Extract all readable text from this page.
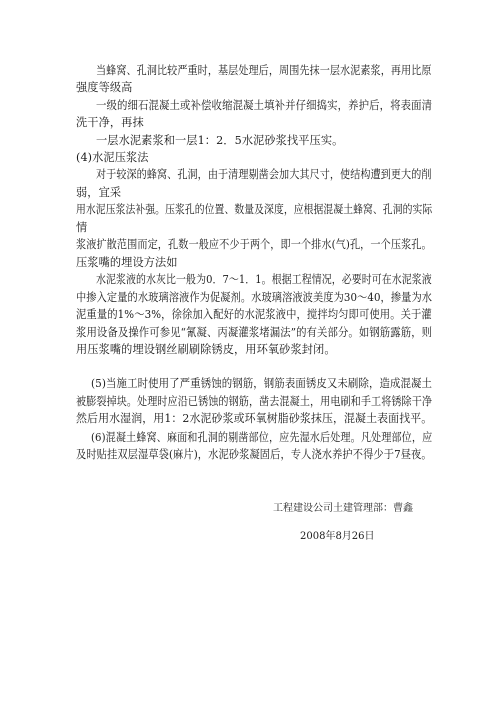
当蜂窝、孔洞比较严重时，基层处理后，周围先抹一层水泥素浆，再用比原
强度等级高
一级的细石混凝土或补偿收缩混凝土填补并仔细捣实，养护后，将表面清
洗干净，再抹
一层水泥素浆和一层1：2．5水泥砂浆找平压实。
(4)水泥压浆法
对于较深的蜂窝、孔洞，由于清理剔凿会加大其尺寸，使结构遭到更大的削
弱，宜采
用水泥压浆法补强。压浆孔的位置、数量及深度，应根据混凝土蜂窝、孔洞的实际
情
浆液扩散范围而定，孔数一般应不少于两个，即一个排水(气)孔，一个压浆孔。
压浆嘴的埋设方法如
水泥浆液的水灰比一般为0．7～1．1。根据工程情况，必要时可在水泥浆液
中掺入定量的水玻璃溶液作为促凝剂。水玻璃溶液波美度为30～40，掺量为水
泥重量的1%～3%，徐徐加入配好的水泥浆液中，搅拌均匀即可使用。关于灌
浆用设备及操作可参见“氰凝、丙凝灌浆堵漏法”的有关部分。如钢筋露筋，则
用压浆嘴的埋设钢丝刷刷除锈皮，用环氧砂浆封闭。
(5)当施工时使用了严重锈蚀的钢筋，钢筋表面锈皮又未刷除，造成混凝土
被膨裂掉块。处理时应沿已锈蚀的钢筋，凿去混凝土，用电刷和手工将锈除干净
然后用水湿润，用1：2水泥砂浆或环氧树脂砂浆抹压，混凝土表面找平。
(6)混凝土蜂窝、麻面和孔洞的剔凿部位，应先湿水后处理。凡处理部位，应
及时贴挂双层湿草袋(麻片)，水泥砂浆凝固后，专人浇水养护不得少于7昼夜。
工程建设公司土建管理部：曹鑫
2008年8月26日
